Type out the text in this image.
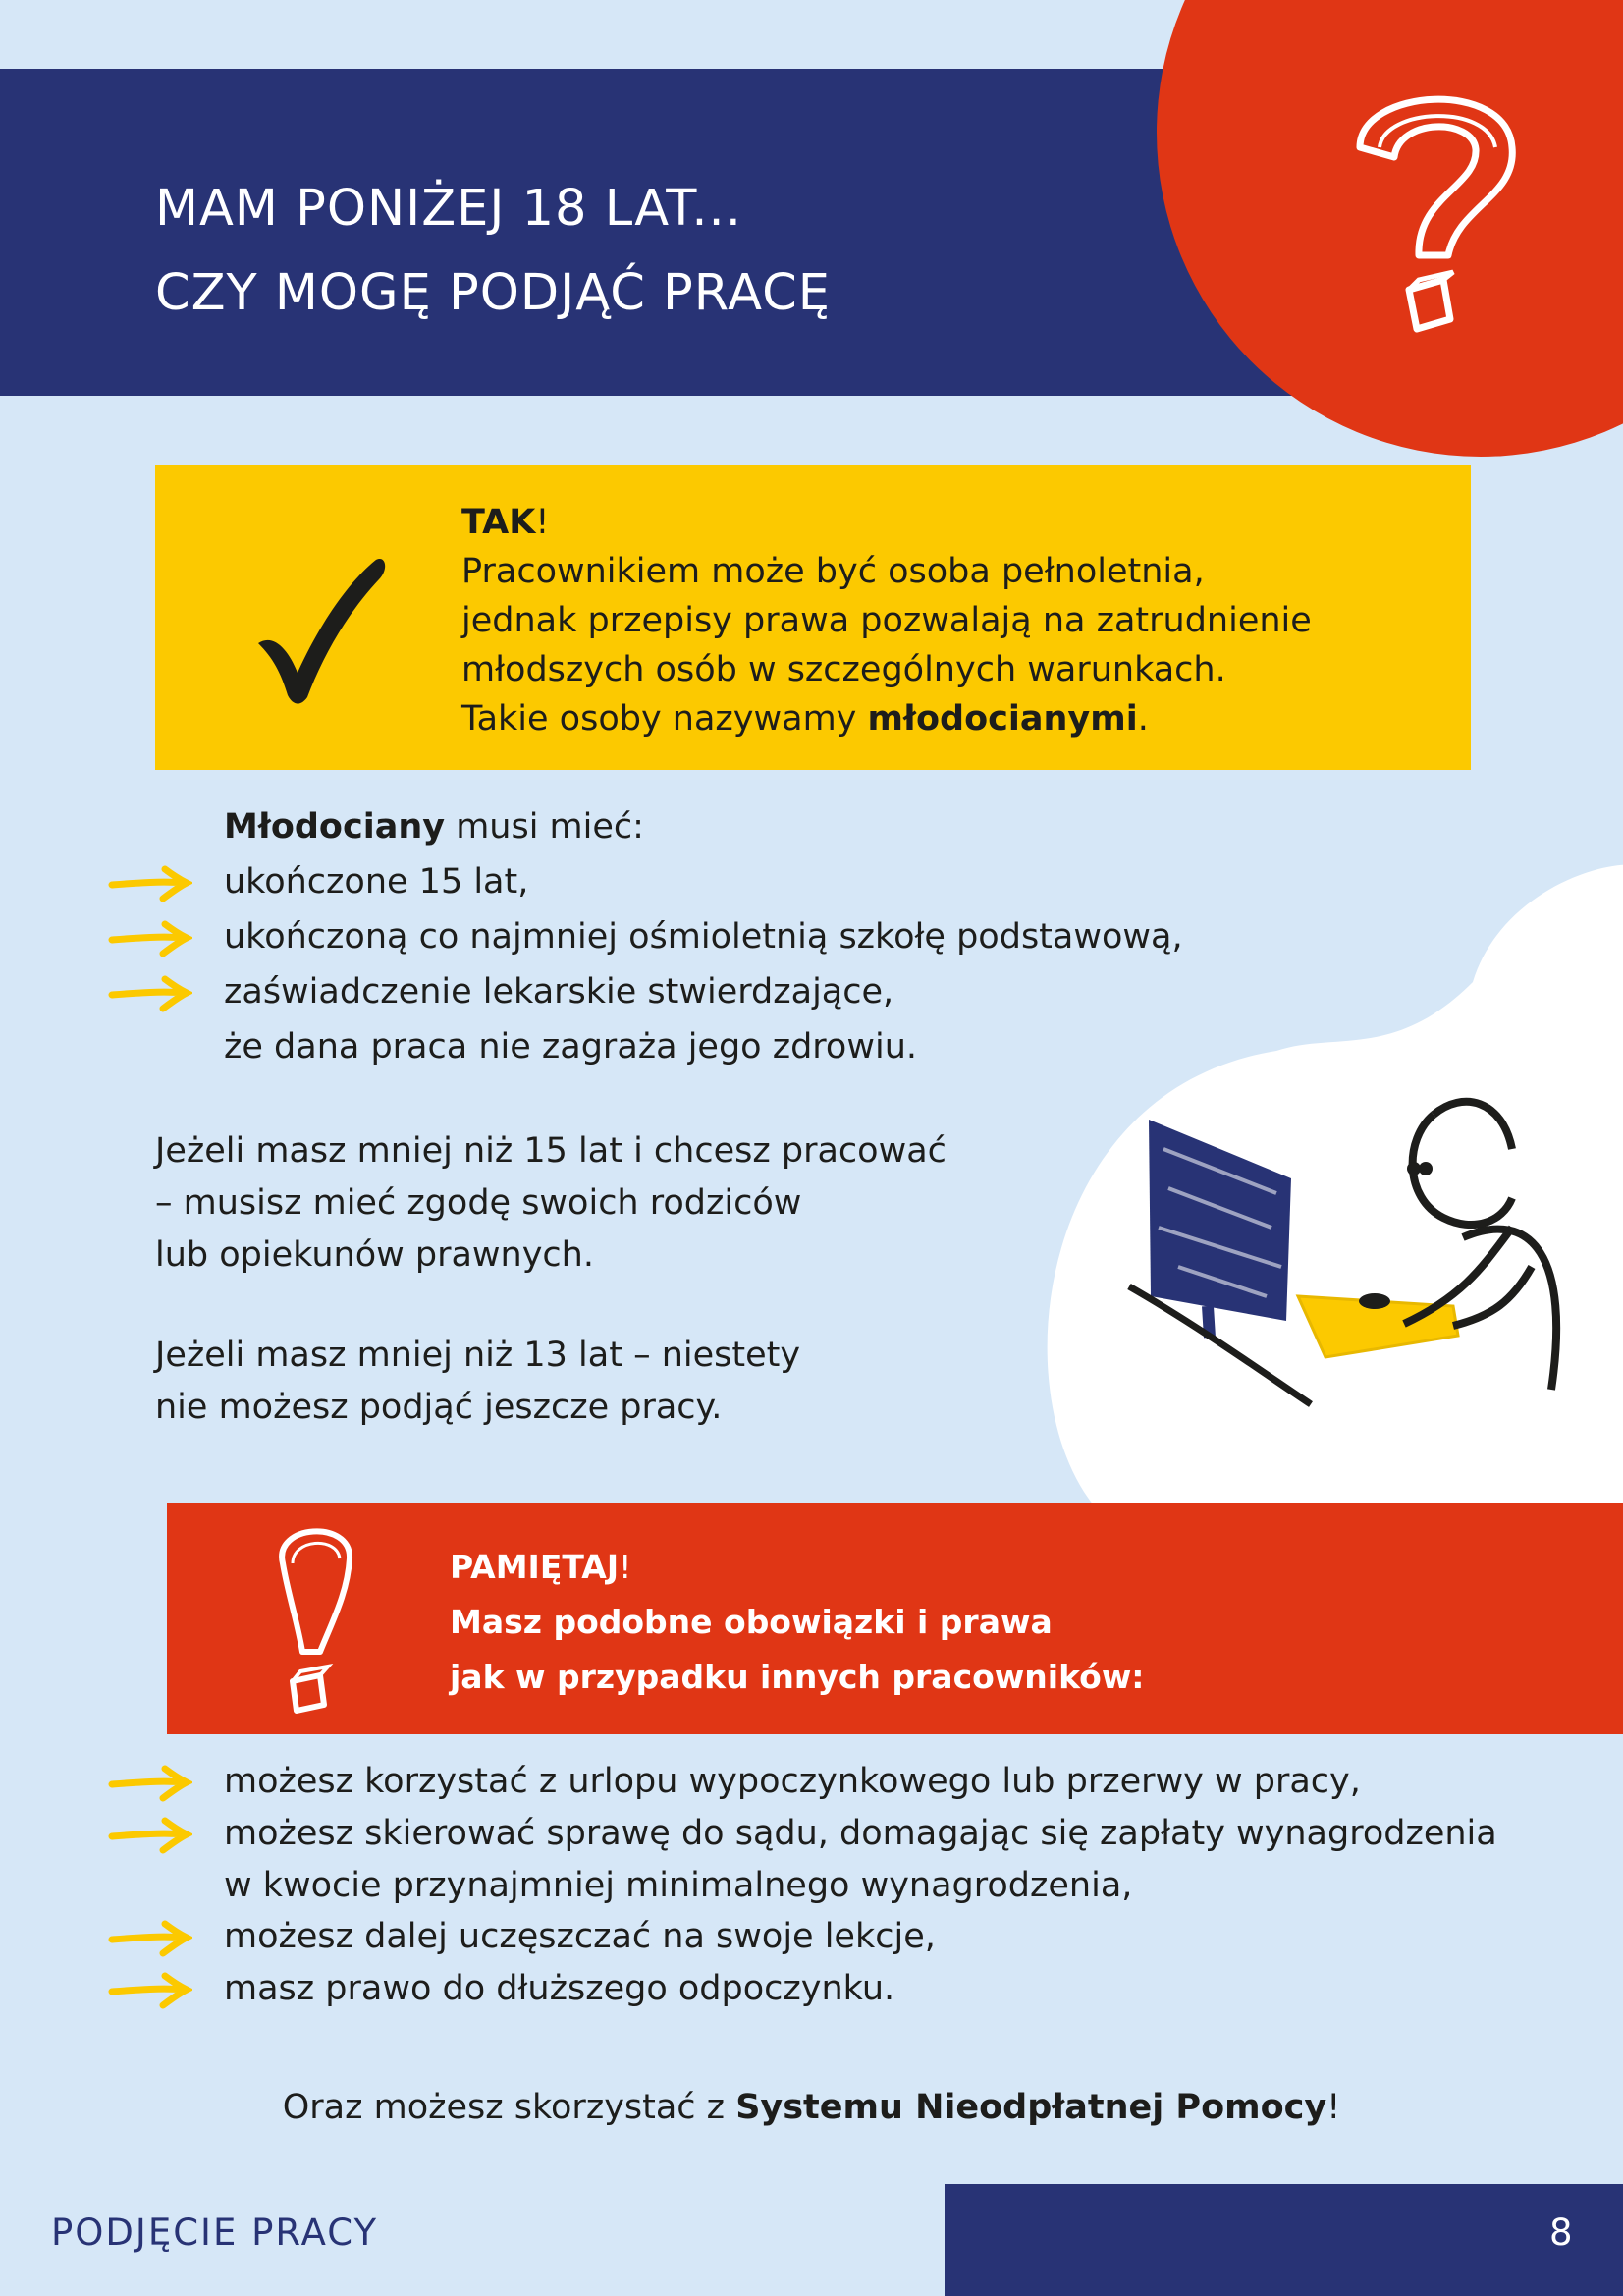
MAM PONIŻEJ 18 LAT...
CZY MOGĘ PODJĄĆ PRACĘ
TAK!
Pracownikiem może być osoba pełnoletnia,
jednak przepisy prawa pozwalają na zatrudnienie
młodszych osób w szczególnych warunkach.
Takie osoby nazywamy młodocianymi.
Młodociany musi mieć:
ukończone 15 lat,
ukończoną co najmniej ośmioletnią szkołę podstawową,
zaświadczenie lekarskie stwierdzające,
że dana praca nie zagraża jego zdrowiu.
Jeżeli masz mniej niż 15 lat i chcesz pracować
– musisz mieć zgodę swoich rodziców
lub opiekunów prawnych.
Jeżeli masz mniej niż 13 lat – niestety
nie możesz podjąć jeszcze pracy.
PAMIĘTAJ!
Masz podobne obowiązki i prawa
jak w przypadku innych pracowników:
możesz korzystać z urlopu wypoczynkowego lub przerwy w pracy,
możesz skierować sprawę do sądu, domagając się zapłaty wynagrodzenia
w kwocie przynajmniej minimalnego wynagrodzenia,
możesz dalej uczęszczać na swoje lekcje,
masz prawo do dłuższego odpoczynku.
Oraz możesz skorzystać z Systemu Nieodpłatnej Pomocy!
PODJĘCIE PRACY	8
